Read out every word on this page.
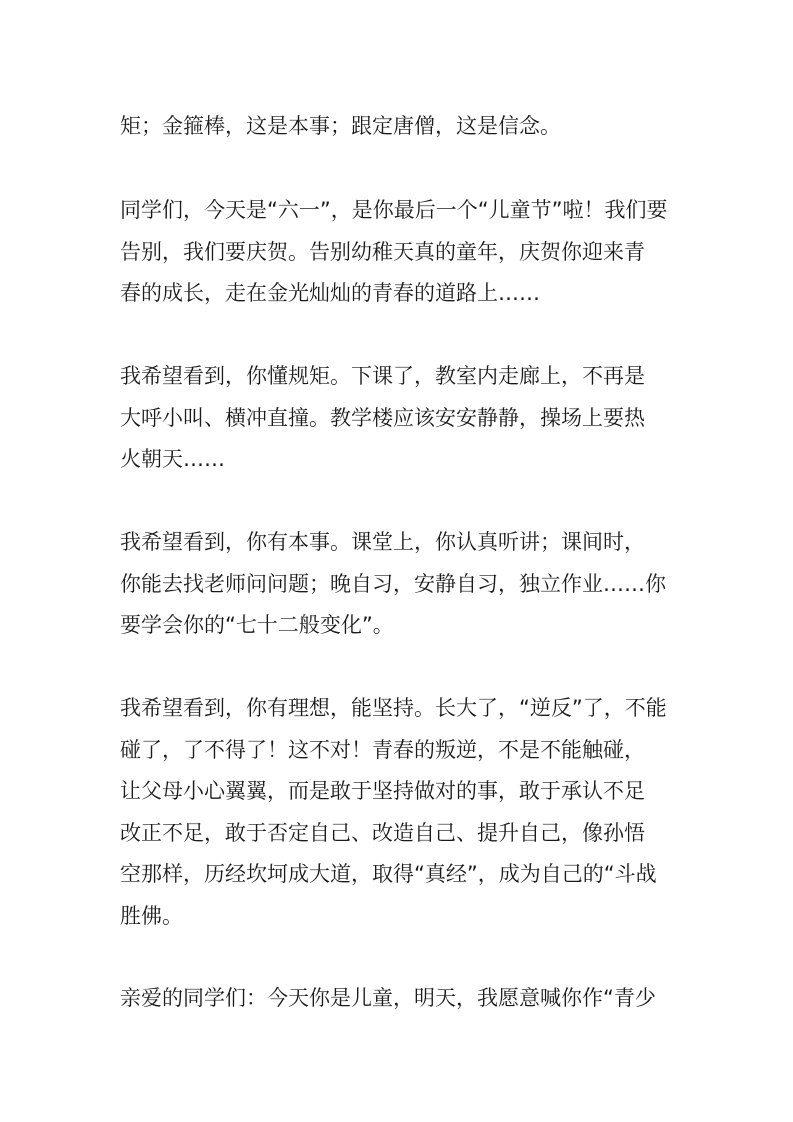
矩；金箍棒，这是本事；跟定唐僧，这是信念。
同学们，今天是“六一”，是你最后一个“儿童节”啦！我们要
告别，我们要庆贺。告别幼稚天真的童年，庆贺你迎来青
春的成长，走在金光灿灿的青春的道路上……
我希望看到，你懂规矩。下课了，教室内走廊上，不再是
大呼小叫、横冲直撞。教学楼应该安安静静，操场上要热
火朝天……
我希望看到，你有本事。课堂上，你认真听讲；课间时，
你能去找老师问问题；晚自习，安静自习，独立作业……你
要学会你的“七十二般变化”。
我希望看到，你有理想，能坚持。长大了，“逆反”了，不能
碰了，了不得了！这不对！青春的叛逆，不是不能触碰，
让父母小心翼翼，而是敢于坚持做对的事，敢于承认不足
改正不足，敢于否定自己、改造自己、提升自己，像孙悟
空那样，历经坎坷成大道，取得“真经”，成为自己的“斗战
胜佛。
亲爱的同学们：今天你是儿童，明天，我愿意喊你作“青少
